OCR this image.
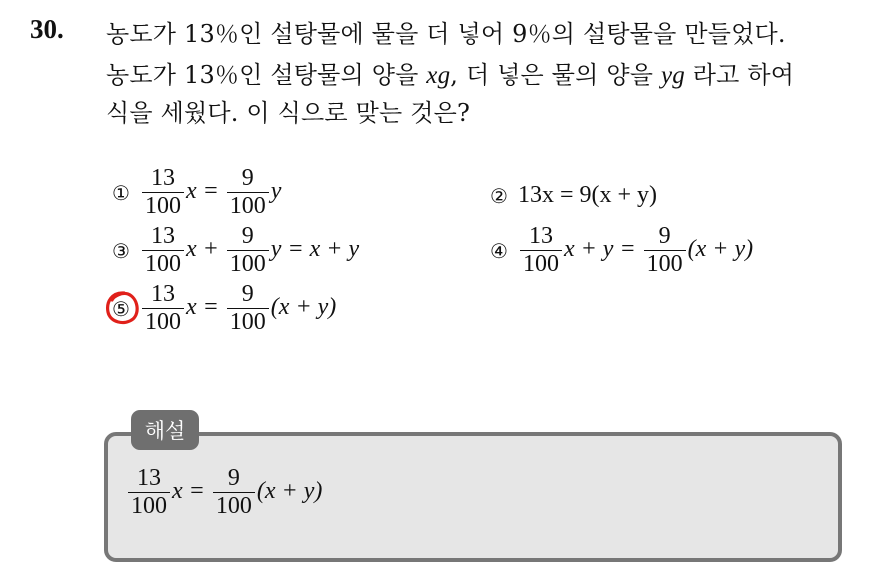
30. 농도가 13％인 설탕물에 물을 더 넣어 9％의 설탕물을 만들었다.
농도가 13％인 설탕물의 양을 xg, 더 넣은 물의 양을 yg 라고 하여
식을 세웠다. 이 식으로 맞는 것은?
① $\frac{13}{100}$ $x = \frac{9}{100}$ y	② 13x = 9(x + y)
③ $\frac{13}{100}$ $x + \frac{9}{100}$ y = x + y	④ $\frac{13}{100}$ $x + y = \frac{9}{100} (x + y)$
⑤ $\frac{13}{100}$ $x = \frac{9}{100} (x + y)$
해설
$\frac{13}{100}$ $x = \frac{9}{100} (x + y)$
